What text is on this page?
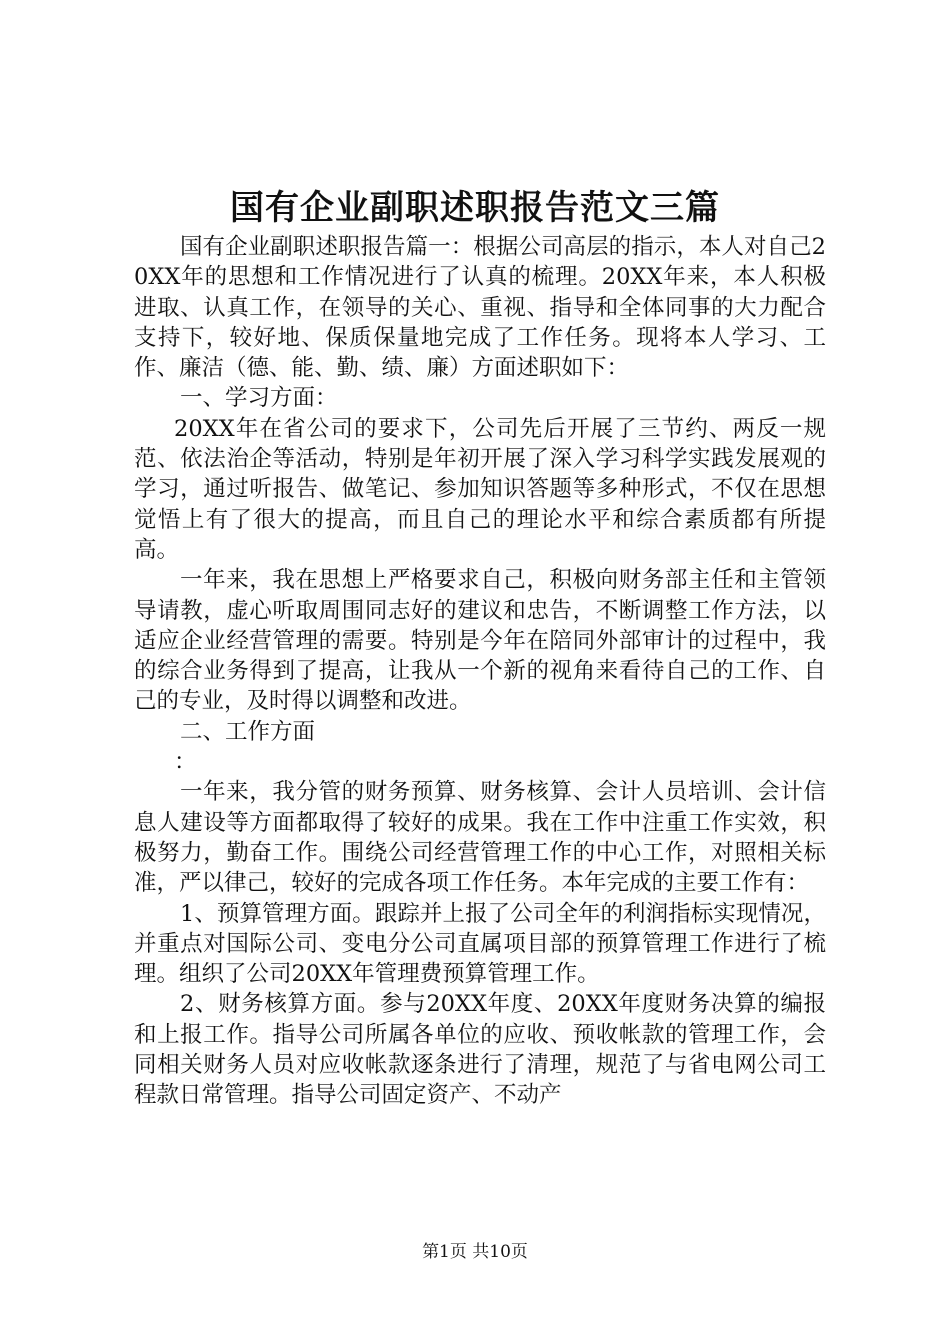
国有企业副职述职报告范文三篇

国有企业副职述职报告篇一：根据公司高层的指示，本人对自己20XX年的思想和工作情况进行了认真的梳理。20XX年来，本人积极进取、认真工作，在领导的关心、重视、指导和全体同事的大力配合支持下，较好地、保质保量地完成了工作任务。现将本人学习、工作、廉洁（德、能、勤、绩、廉）方面述职如下：

一、学习方面：

20XX年在省公司的要求下，公司先后开展了三节约、两反一规范、依法治企等活动，特别是年初开展了深入学习科学实践发展观的学习，通过听报告、做笔记、参加知识答题等多种形式，不仅在思想觉悟上有了很大的提高，而且自己的理论水平和综合素质都有所提高。

一年来，我在思想上严格要求自己，积极向财务部主任和主管领导请教，虚心听取周围同志好的建议和忠告，不断调整工作方法，以适应企业经营管理的需要。特别是今年在陪同外部审计的过程中，我的综合业务得到了提高，让我从一个新的视角来看待自己的工作、自己的专业，及时得以调整和改进。

二、工作方面

：

一年来，我分管的财务预算、财务核算、会计人员培训、会计信息人建设等方面都取得了较好的成果。我在工作中注重工作实效，积极努力，勤奋工作。围绕公司经营管理工作的中心工作，对照相关标准，严以律己，较好的完成各项工作任务。本年完成的主要工作有：

1、预算管理方面。跟踪并上报了公司全年的利润指标实现情况，并重点对国际公司、变电分公司直属项目部的预算管理工作进行了梳理。组织了公司20XX年管理费预算管理工作。

2、财务核算方面。参与20XX年度、20XX年度财务决算的编报和上报工作。指导公司所属各单位的应收、预收帐款的管理工作，会同相关财务人员对应收帐款逐条进行了清理，规范了与省电网公司工程款日常管理。指导公司固定资产、不动产

第1页 共10页
